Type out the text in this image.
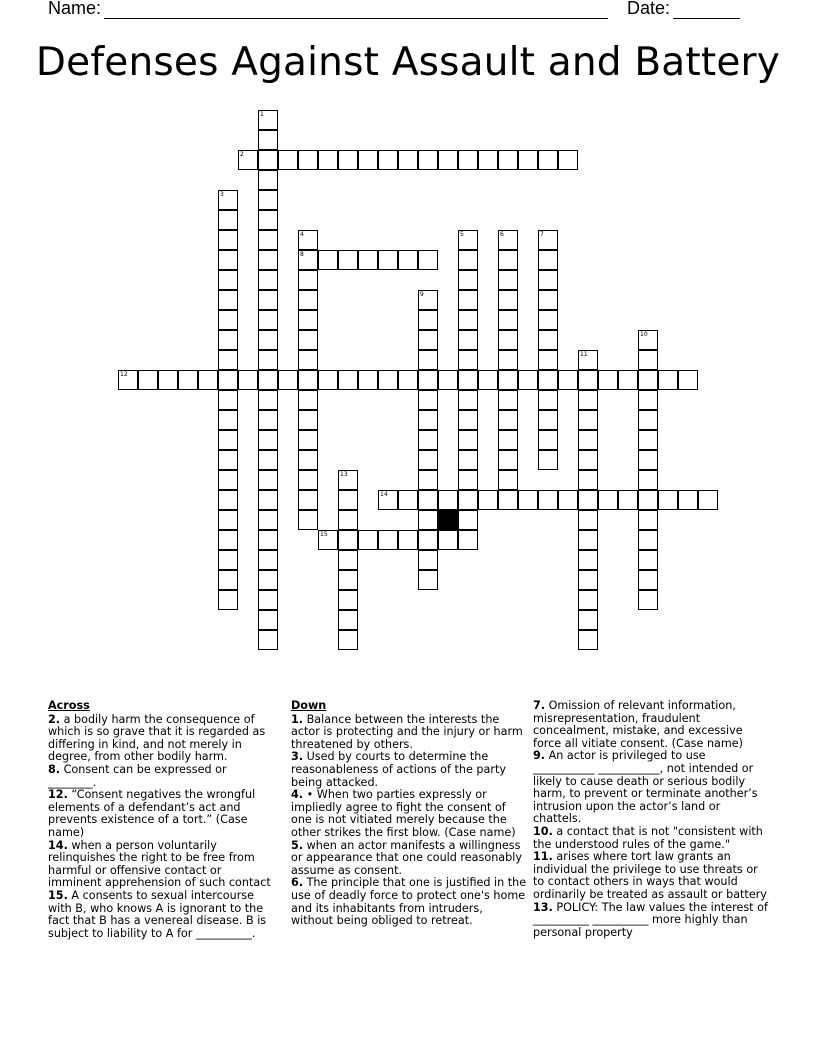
Name:	Date:
Defenses Against Assault and Battery
1
2
3
4
8
5	6	7
9
10
11
12
13
14
15
Across

2. a bodily harm the consequence of which is so grave that it is regarded as differing in kind, and not merely in degree, from other bodily harm.

8. Consent can be expressed or ________.

12. “Consent negatives the wrongful elements of a defendant’s act and prevents existence of a tort.” (Case name)

14. when a person voluntarily relinquishes the right to be free from harmful or offensive contact or imminent apprehension of such contact

15. A consents to sexual intercourse with B, who knows A is ignorant to the fact that B has a venereal disease. B is subject to liability to A for __________.

Down

1. Balance between the interests the actor is protecting and the injury or harm threatened by others.

3. Used by courts to determine the reasonableness of actions of the party being attacked.

4. • When two parties expressly or impliedly agree to fight the consent of one is not vitiated merely because the other strikes the first blow. (Case name)

5. when an actor manifests a willingness or appearance that one could reasonably assume as consent.

6. The principle that one is justified in the use of deadly force to protect one's home and its inhabitants from intruders, without being obliged to retreat.

7. Omission of relevant information, misrepresentation, fraudulent concealment, mistake, and excessive force all vitiate consent. (Case name)

9. An actor is privileged to use ___________ ___________, not intended or likely to cause death or serious bodily harm, to prevent or terminate another’s intrusion upon the actor’s land or chattels.

10. a contact that is not "consistent with the understood rules of the game."

11. arises where tort law grants an individual the privilege to use threats or to contact others in ways that would ordinarily be treated as assault or battery

13. POLICY: The law values the interest of __________ __________ more highly than personal property
